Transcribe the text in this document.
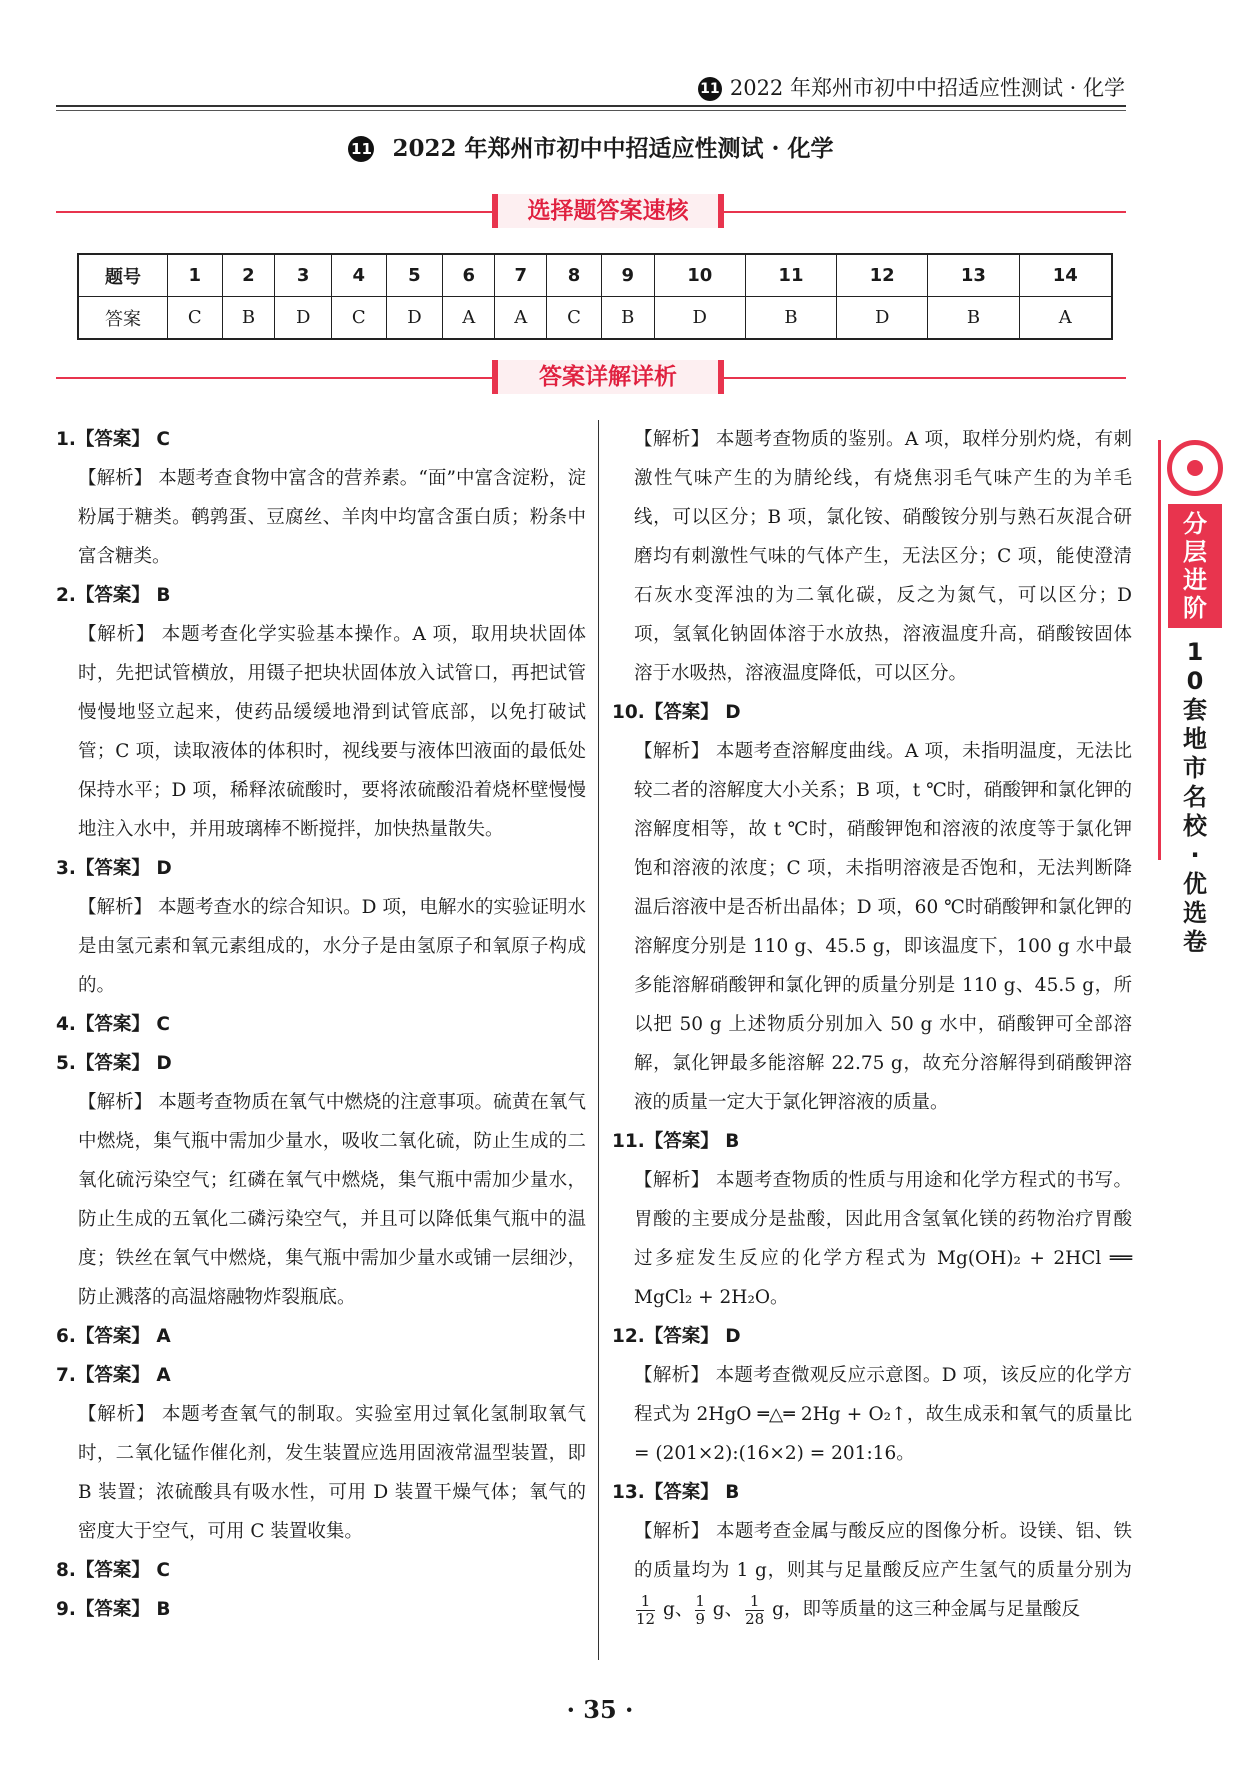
11 2022 年郑州市初中中招适应性测试 · 化学
11 2022 年郑州市初中中招适应性测试 · 化学
选择题答案速核
题号	1	2	3	4	5	6	7	8	9	10	11	12	13	14
答案	C	B	D	C	D	A	A	C	B	D	B	D	B	A
答案详解详析
1.【答案】 C
【解析】 本题考查食物中富含的营养素。“面”中富含淀粉，淀粉属于糖类。鹌鹑蛋、豆腐丝、羊肉中均富含蛋白质；粉条中富含糖类。
2.【答案】 B
【解析】 本题考查化学实验基本操作。A 项，取用块状固体时，先把试管横放，用镊子把块状固体放入试管口，再把试管慢慢地竖立起来，使药品缓缓地滑到试管底部，以免打破试管；C 项，读取液体的体积时，视线要与液体凹液面的最低处保持水平；D 项，稀释浓硫酸时，要将浓硫酸沿着烧杯壁慢慢地注入水中，并用玻璃棒不断搅拌，加快热量散失。
3.【答案】 D
【解析】 本题考查水的综合知识。D 项，电解水的实验证明水是由氢元素和氧元素组成的，水分子是由氢原子和氧原子构成的。
4.【答案】 C
5.【答案】 D
【解析】 本题考查物质在氧气中燃烧的注意事项。硫黄在氧气中燃烧，集气瓶中需加少量水，吸收二氧化硫，防止生成的二氧化硫污染空气；红磷在氧气中燃烧，集气瓶中需加少量水，防止生成的五氧化二磷污染空气，并且可以降低集气瓶中的温度；铁丝在氧气中燃烧，集气瓶中需加少量水或铺一层细沙，防止溅落的高温熔融物炸裂瓶底。
6.【答案】 A
7.【答案】 A
【解析】 本题考查氧气的制取。实验室用过氧化氢制取氧气时，二氧化锰作催化剂，发生装置应选用固液常温型装置，即 B 装置；浓硫酸具有吸水性，可用 D 装置干燥气体；氧气的密度大于空气，可用 C 装置收集。
8.【答案】 C
9.【答案】 B
【解析】 本题考查物质的鉴别。A 项，取样分别灼烧，有刺激性气味产生的为腈纶线，有烧焦羽毛气味产生的为羊毛线，可以区分；B 项，氯化铵、硝酸铵分别与熟石灰混合研磨均有刺激性气味的气体产生，无法区分；C 项，能使澄清石灰水变浑浊的为二氧化碳，反之为氮气，可以区分；D 项，氢氧化钠固体溶于水放热，溶液温度升高，硝酸铵固体溶于水吸热，溶液温度降低，可以区分。
10.【答案】 D
【解析】 本题考查溶解度曲线。A 项，未指明温度，无法比较二者的溶解度大小关系；B 项，t ℃时，硝酸钾和氯化钾的溶解度相等，故 t ℃时，硝酸钾饱和溶液的浓度等于氯化钾饱和溶液的浓度；C 项，未指明溶液是否饱和，无法判断降温后溶液中是否析出晶体；D 项，60 ℃时硝酸钾和氯化钾的溶解度分别是 110 g、45.5 g，即该温度下，100 g 水中最多能溶解硝酸钾和氯化钾的质量分别是 110 g、45.5 g，所以把 50 g 上述物质分别加入 50 g 水中，硝酸钾可全部溶解，氯化钾最多能溶解 22.75 g，故充分溶解得到硝酸钾溶液的质量一定大于氯化钾溶液的质量。
11.【答案】 B
【解析】 本题考查物质的性质与用途和化学方程式的书写。胃酸的主要成分是盐酸，因此用含氢氧化镁的药物治疗胃酸过多症发生反应的化学方程式为 Mg(OH)₂ + 2HCl ══ MgCl₂ + 2H₂O。
12.【答案】 D
【解析】 本题考查微观反应示意图。D 项，该反应的化学方程式为 2HgO ═△═ 2Hg + O₂↑，故生成汞和氧气的质量比 = (201×2):(16×2) = 201:16。
13.【答案】 B
【解析】 本题考查金属与酸反应的图像分析。设镁、铝、铁的质量均为 1 g，则其与足量酸反应产生氢气的质量分别为
$\frac{1}{12}$ g、 $\frac{1}{9}$ g、 $\frac{1}{28}$ g，即等质量的这三种金属与足量酸反
分
层
进
阶
1
0
套
地
市
名
校
·
优
选
卷
· 35 ·
